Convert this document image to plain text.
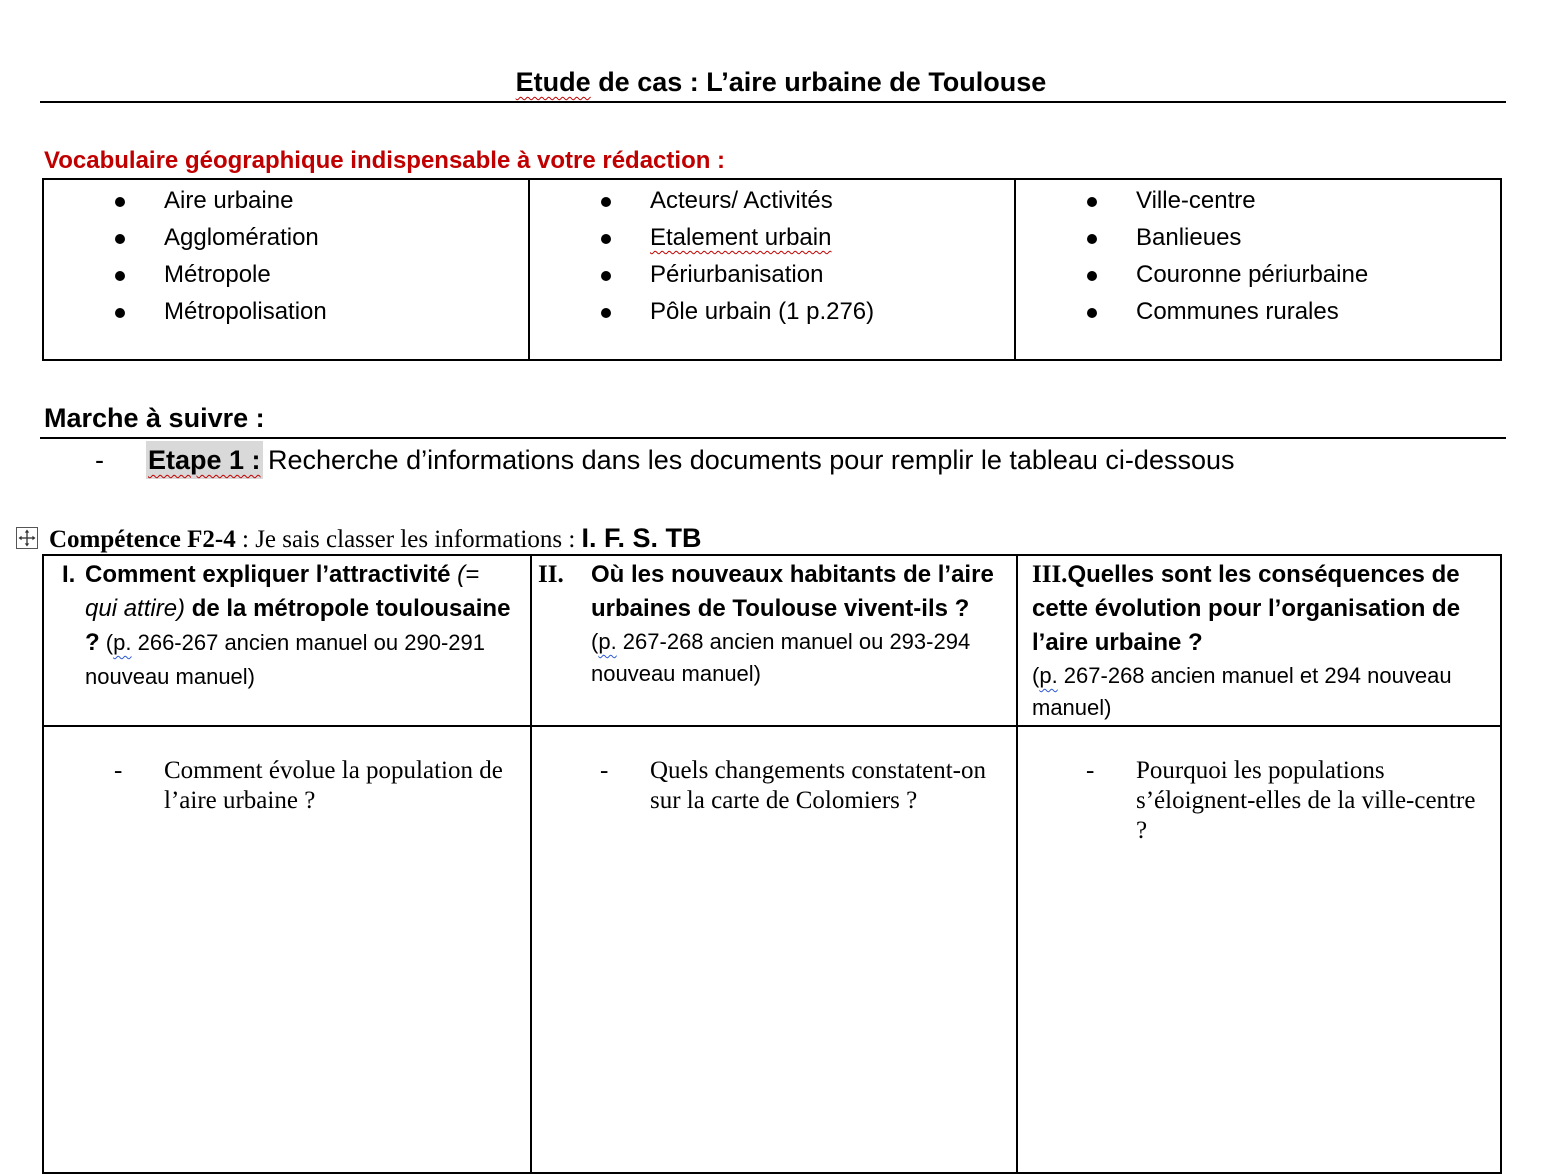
Etude de cas : L’aire urbaine de Toulouse
Vocabulaire géographique indispensable à votre rédaction :
Aire urbaine
Agglomération
Métropole
Métropolisation
Acteurs/ Activités
Etalement urbain
Périurbanisation
Pôle urbain (1 p.276)
Ville-centre
Banlieues
Couronne périurbaine
Communes rurales
Marche à suivre :
- Etape 1 : Recherche d’informations dans les documents pour remplir le tableau ci-dessous
Compétence F2-4 : Je sais classer les informations : I. F. S. TB
I. Comment expliquer l’attractivité (= qui attire) de la métropole toulousaine ? (p. 266-267 ancien manuel ou 290-291 nouveau manuel)
- Comment évolue la population de l’aire urbaine ?
II. Où les nouveaux habitants de l’aire urbaines de Toulouse vivent-ils ?
(p. 267-268 ancien manuel ou 293-294 nouveau manuel)
- Quels changements constatent-on sur la carte de Colomiers ?
III.Quelles sont les conséquences de cette évolution pour l’organisation de l’aire urbaine ?
(p. 267-268 ancien manuel et 294 nouveau manuel)
- Pourquoi les populations s’éloignent-elles de la ville-centre ?
